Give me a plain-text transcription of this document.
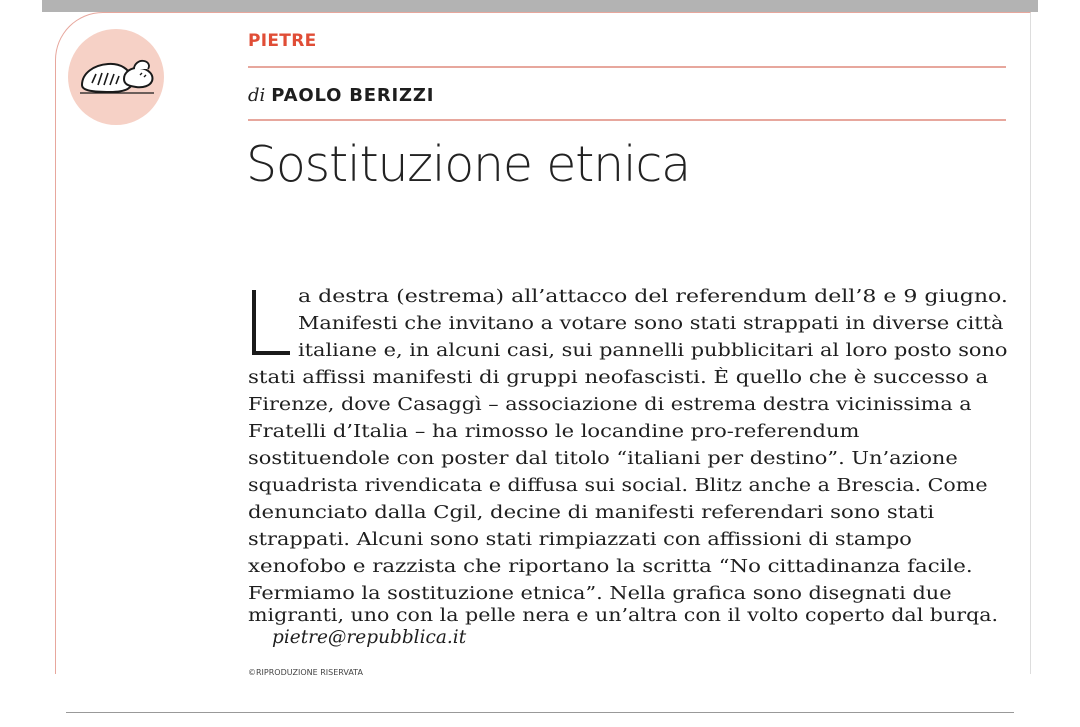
PIETRE
di PAOLO BERIZZI
Sostituzione etnica
a destra (estrema) all’attacco del referendum dell’8 e 9 giugno.
Manifesti che invitano a votare sono stati strappati in diverse città
italiane e, in alcuni casi, sui pannelli pubblicitari al loro posto sono
stati affissi manifesti di gruppi neofascisti. È quello che è successo a
Firenze, dove Casaggì – associazione di estrema destra vicinissima a
Fratelli d’Italia – ha rimosso le locandine pro-referendum
sostituendole con poster dal titolo “italiani per destino”. Un’azione
squadrista rivendicata e diffusa sui social. Blitz anche a Brescia. Come
denunciato dalla Cgil, decine di manifesti referendari sono stati
strappati. Alcuni sono stati rimpiazzati con affissioni di stampo
xenofobo e razzista che riportano la scritta “No cittadinanza facile.
Fermiamo la sostituzione etnica”. Nella grafica sono disegnati due
migranti, uno con la pelle nera e un’altra con il volto coperto dal burqa.
pietre@repubblica.it
©RIPRODUZIONE RISERVATA
